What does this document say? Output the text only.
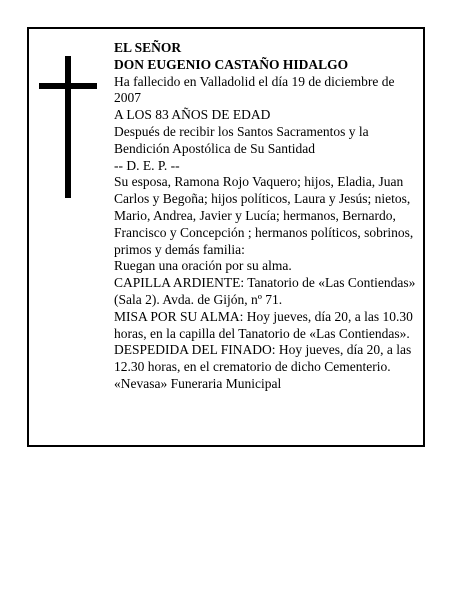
EL SEÑOR

DON EUGENIO CASTAÑO HIDALGO

Ha fallecido en Valladolid el día 19 de diciembre de 2007

A LOS 83 AÑOS DE EDAD

Después de recibir los Santos Sacramentos y la Bendición Apostólica de Su Santidad

-- D. E. P. --

Su esposa, Ramona Rojo Vaquero; hijos, Eladia, Juan Carlos y Begoña; hijos políticos, Laura y Jesús; nietos, Mario, Andrea, Javier y Lucía; hermanos, Bernardo, Francisco y Concepción ; hermanos políticos, sobrinos, primos y demás familia:

Ruegan una oración por su alma.

CAPILLA ARDIENTE: Tanatorio de «Las Contiendas» (Sala 2). Avda. de Gijón, nº 71.

MISA POR SU ALMA: Hoy jueves, día 20, a las 10.30 horas, en la capilla del Tanatorio de «Las Contiendas».

DESPEDIDA DEL FINADO: Hoy jueves, día 20, a las 12.30 horas, en el crematorio de dicho Cementerio.

«Nevasa» Funeraria Municipal
